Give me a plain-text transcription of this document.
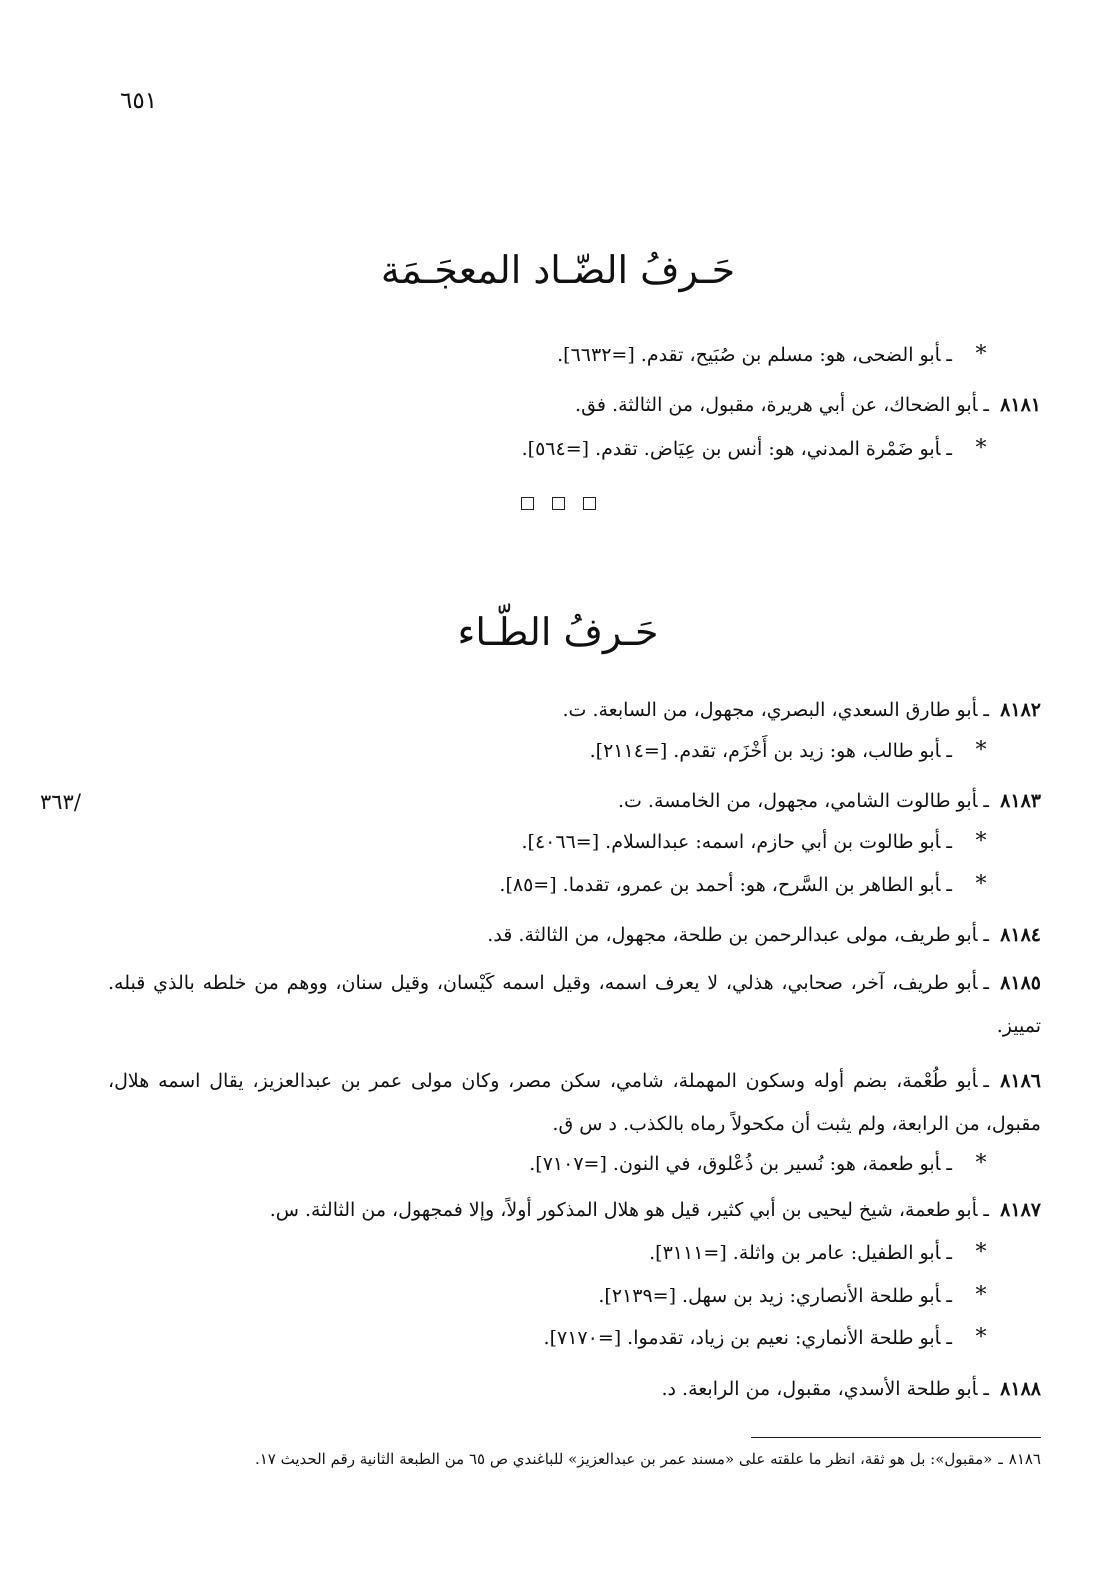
٦٥١
/٣٦٣
حَـرفُ الضّـاد المعجَـمَة
*ـأبو الضحى، هو: مسلم بن صُبَيح، تقدم. [=٦٦٣٢].
٨١٨١ـأبو الضحاك، عن أبي هريرة، مقبول، من الثالثة. فق.
*ـأبو ضَمْرة المدني، هو: أنس بن عِيَاض. تقدم. [=٥٦٤].
حَـرفُ الطّـاء
٨١٨٢ـأبو طارق السعدي، البصري، مجهول، من السابعة. ت.
*ـأبو طالب، هو: زيد بن أَخْزَم، تقدم. [=٢١١٤].
٨١٨٣ـأبو طالوت الشامي، مجهول، من الخامسة. ت.
*ـأبو طالوت بن أبي حازم، اسمه: عبدالسلام. [=٤٠٦٦].
*ـأبو الطاهر بن السَّرح، هو: أحمد بن عمرو، تقدما. [=٨٥].
٨١٨٤ـأبو طريف، مولى عبدالرحمن بن طلحة، مجهول، من الثالثة. قد.
٨١٨٥ـأبو طريف، آخر، صحابي، هذلي، لا يعرف اسمه، وقيل اسمه كَيْسان، وقيل سنان، ووهم من خلطه بالذي قبله. تمييز.
٨١٨٦ـأبو طُعْمة، بضم أوله وسكون المهملة، شامي، سكن مصر، وكان مولى عمر بن عبدالعزيز، يقال اسمه هلال، مقبول، من الرابعة، ولم يثبت أن مكحولاً رماه بالكذب. د س ق.
*ـأبو طعمة، هو: نُسير بن ذُعْلوق، في النون. [=٧١٠٧].
٨١٨٧ـأبو طعمة، شيخ ليحيى بن أبي كثير، قيل هو هلال المذكور أولاً، وإلا فمجهول، من الثالثة. س.
*ـأبو الطفيل: عامر بن واثلة. [=٣١١١].
*ـأبو طلحة الأنصاري: زيد بن سهل. [=٢١٣٩].
*ـأبو طلحة الأنماري: نعيم بن زياد، تقدموا. [=٧١٧٠].
٨١٨٨ـأبو طلحة الأسدي، مقبول، من الرابعة. د.
٨١٨٦ـ«مقبول»: بل هو ثقة، انظر ما علقته على «مسند عمر بن عبدالعزيز» للباغندي ص ٦٥ من الطبعة الثانية رقم الحديث ١٧.
